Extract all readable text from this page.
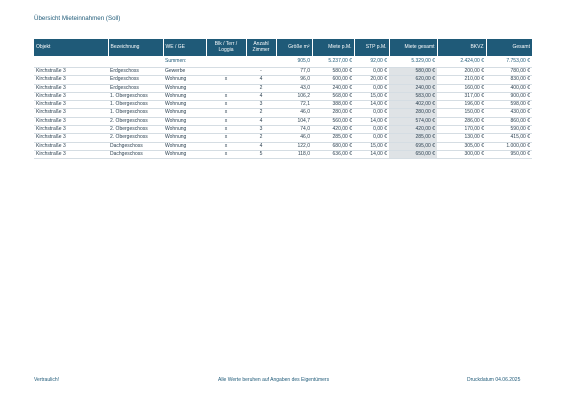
Übersicht Mieteinnahmen (Soll)
		Summen:			905,0	5.237,00 €	92,00 €	5.329,00 €	2.424,00 €	7.753,00 €
Objekt	Bezeichnung	WE / GE	Blk / Terr / Loggia	Anzahl Zimmer	Größe m²	Miete p.M.	STP p.M.	Miete gesamt	BKVZ	Gesamt
Kirchstraße 3	Erdgeschoss	Gewerbe		-	77,0	580,00 €	0,00 €	580,00 €	200,00 €	780,00 €
Kirchstraße 3	Erdgeschoss	Wohnung	x	4	96,0	600,00 €	20,00 €	620,00 €	210,00 €	830,00 €
Kirchstraße 3	Erdgeschoss	Wohnung		2	43,0	240,00 €	0,00 €	240,00 €	160,00 €	400,00 €
Kirchstraße 3	1. Obergeschoss	Wohnung	x	4	106,2	568,00 €	15,00 €	583,00 €	317,00 €	900,00 €
Kirchstraße 3	1. Obergeschoss	Wohnung	x	3	72,1	388,00 €	14,00 €	402,00 €	196,00 €	598,00 €
Kirchstraße 3	1. Obergeschoss	Wohnung	x	2	46,0	280,00 €	0,00 €	280,00 €	150,00 €	430,00 €
Kirchstraße 3	2. Obergeschoss	Wohnung	x	4	104,7	560,00 €	14,00 €	574,00 €	286,00 €	860,00 €
Kirchstraße 3	2. Obergeschoss	Wohnung	x	3	74,0	420,00 €	0,00 €	420,00 €	170,00 €	590,00 €
Kirchstraße 3	2. Obergeschoss	Wohnung	x	2	46,0	285,00 €	0,00 €	285,00 €	130,00 €	415,00 €
Kirchstraße 3	Dachgeschoss	Wohnung	x	4	122,0	680,00 €	15,00 €	695,00 €	305,00 €	1.000,00 €
Kirchstraße 3	Dachgeschoss	Wohnung	x	5	118,0	636,00 €	14,00 €	650,00 €	300,00 €	950,00 €
Vertraulich!	Alle Werte beruhen auf Angaben des Eigentümers	Druckdatum 04.06.2025
